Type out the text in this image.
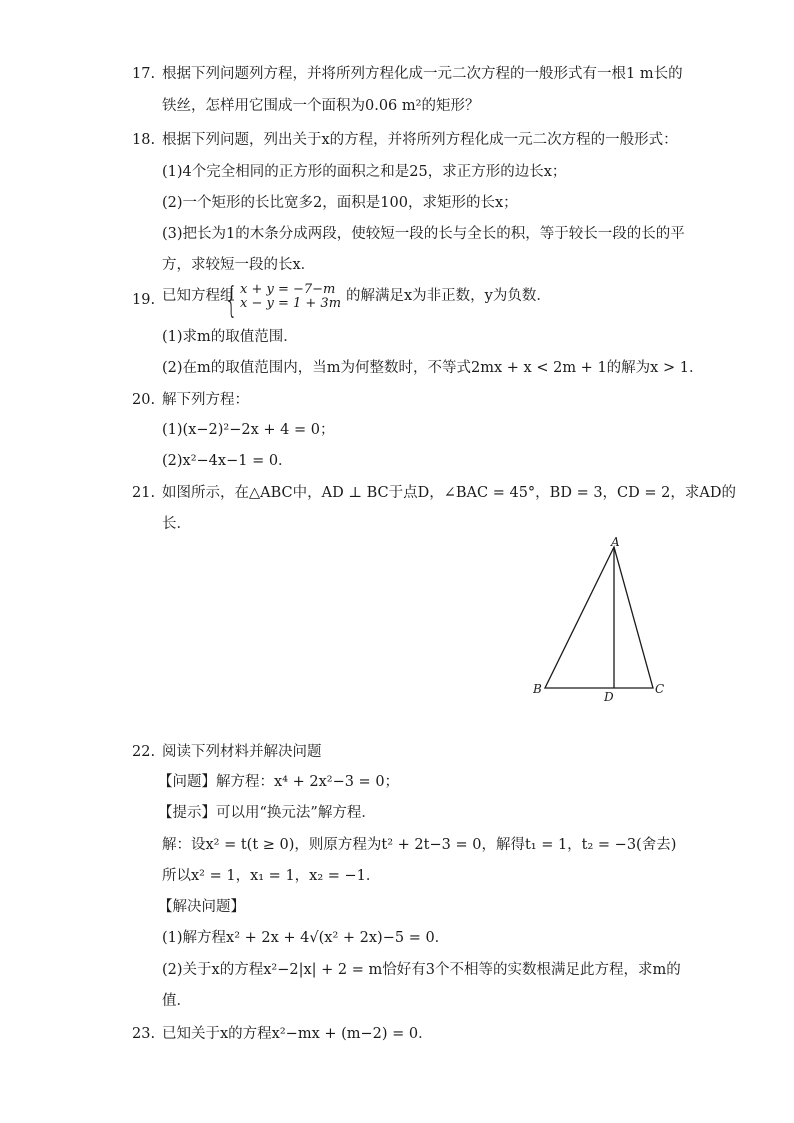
17. 根据下列问题列方程，并将所列方程化成一元二次方程的一般形式有一根1 m长的
铁丝，怎样用它围成一个面积为0.06 m²的矩形？
18. 根据下列问题，列出关于x的方程，并将所列方程化成一元二次方程的一般形式：
(1)4个完全相同的正方形的面积之和是25，求正方形的边长x；
(2)一个矩形的长比宽多2，面积是100，求矩形的长x；
(3)把长为1的木条分成两段，使较短一段的长与全长的积，等于较长一段的长的平
方，求较短一段的长x．
19. 已知方程组
{ x + y = −7−m
x − y = 1 + 3m 的解满足x为非正数，y为负数．
(1)求m的取值范围．
(2)在m的取值范围内，当m为何整数时，不等式2mx + x < 2m + 1的解为x > 1．
20. 解下列方程：
(1)(x−2)²−2x + 4 = 0；
(2)x²−4x−1 = 0．
21. 如图所示，在△ABC中，AD ⊥ BC于点D，∠BAC = 45°，BD = 3，CD = 2，求AD的
长．
A
B	C
D
22. 阅读下列材料并解决问题
【问题】解方程：x⁴ + 2x²−3 = 0；
【提示】可以用“换元法”解方程．
解：设x² = t(t ≥ 0)，则原方程为t² + 2t−3 = 0，解得t₁ = 1，t₂ = −3(舍去)
所以x² = 1，x₁ = 1，x₂ = −1．
【解决问题】
(1)解方程x² + 2x + 4√(x² + 2x)−5 = 0．
(2)关于x的方程x²−2|x| + 2 = m恰好有3个不相等的实数根满足此方程，求m的
值．
23. 已知关于x的方程x²−mx + (m−2) = 0．
